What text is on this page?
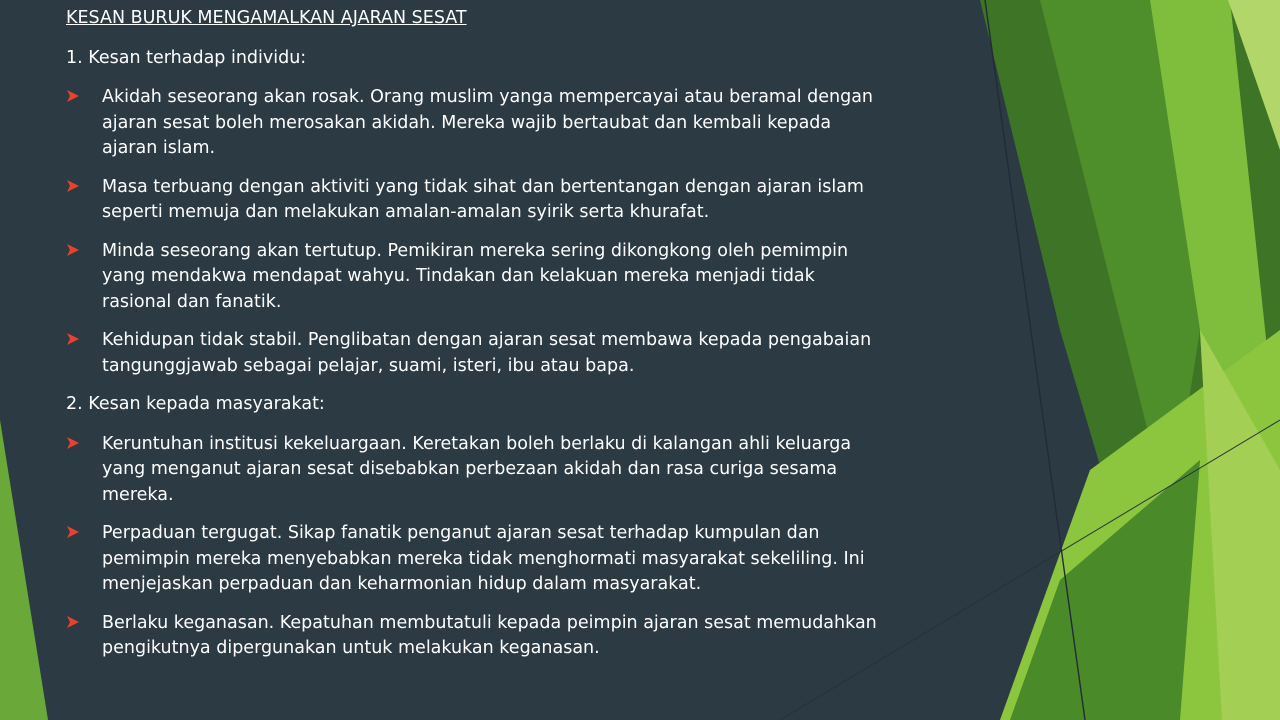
KESAN BURUK MENGAMALKAN AJARAN SESAT
1. Kesan terhadap individu:
Akidah seseorang akan rosak. Orang muslim yanga mempercayai atau beramal dengan
ajaran sesat boleh merosakan akidah. Mereka wajib bertaubat dan kembali kepada
ajaran islam.
Masa terbuang dengan aktiviti yang tidak sihat dan bertentangan dengan ajaran islam
seperti memuja dan melakukan amalan-amalan syirik serta khurafat.
Minda seseorang akan tertutup. Pemikiran mereka sering dikongkong oleh pemimpin
yang mendakwa mendapat wahyu. Tindakan dan kelakuan mereka menjadi tidak
rasional dan fanatik.
Kehidupan tidak stabil. Penglibatan dengan ajaran sesat membawa kepada pengabaian
tangunggjawab sebagai pelajar, suami, isteri, ibu atau bapa.
2. Kesan kepada masyarakat:
Keruntuhan institusi kekeluargaan. Keretakan boleh berlaku di kalangan ahli keluarga
yang menganut ajaran sesat disebabkan perbezaan akidah dan rasa curiga sesama
mereka.
Perpaduan tergugat. Sikap fanatik penganut ajaran sesat terhadap kumpulan dan
pemimpin mereka menyebabkan mereka tidak menghormati masyarakat sekeliling. Ini
menjejaskan perpaduan dan keharmonian hidup dalam masyarakat.
Berlaku keganasan. Kepatuhan membutatuli kepada peimpin ajaran sesat memudahkan
pengikutnya dipergunakan untuk melakukan keganasan.
